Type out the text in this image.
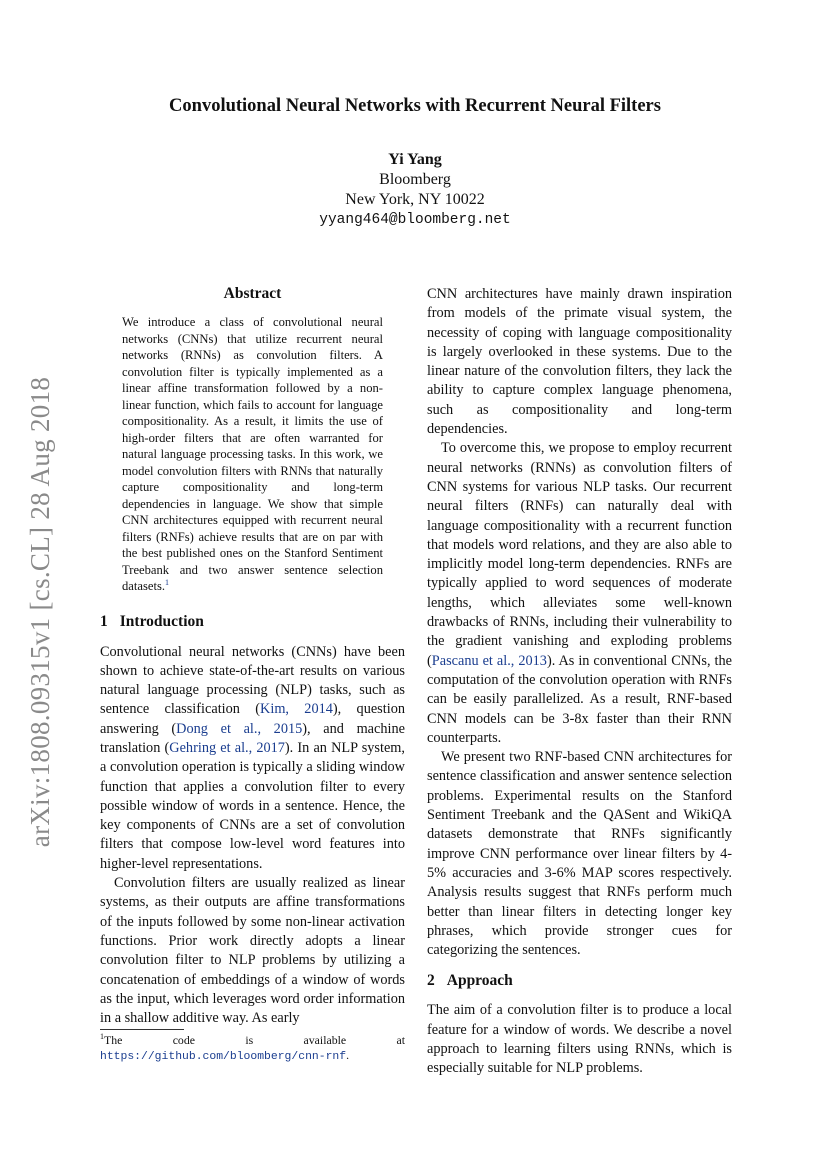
arXiv:1808.09315v1 [cs.CL] 28 Aug 2018
Convolutional Neural Networks with Recurrent Neural Filters
Yi Yang
Bloomberg
New York, NY 10022
yyang464@bloomberg.net
Abstract

We introduce a class of convolutional neural networks (CNNs) that utilize recurrent neural networks (RNNs) as convolution filters. A convolution filter is typically implemented as a linear affine transformation followed by a non-linear function, which fails to account for language compositionality. As a result, it limits the use of high-order filters that are often warranted for natural language processing tasks. In this work, we model convolution filters with RNNs that naturally capture compositionality and long-term dependencies in language. We show that simple CNN architectures equipped with recurrent neural filters (RNFs) achieve results that are on par with the best published ones on the Stanford Sentiment Treebank and two answer sentence selection datasets.$^1$

1 Introduction

Convolutional neural networks (CNNs) have been shown to achieve state-of-the-art results on various natural language processing (NLP) tasks, such as sentence classification (Kim, 2014), question answering (Dong et al., 2015), and machine translation (Gehring et al., 2017). In an NLP system, a convolution operation is typically a sliding window function that applies a convolution filter to every possible window of words in a sentence. Hence, the key components of CNNs are a set of convolution filters that compose low-level word features into higher-level representations.

Convolution filters are usually realized as linear systems, as their outputs are affine transformations of the inputs followed by some non-linear activation functions. Prior work directly adopts a linear convolution filter to NLP problems by utilizing a concatenation of embeddings of a window of words as the input, which leverages word order information in a shallow additive way. As early

CNN architectures have mainly drawn inspiration from models of the primate visual system, the necessity of coping with language compositionality is largely overlooked in these systems. Due to the linear nature of the convolution filters, they lack the ability to capture complex language phenomena, such as compositionality and long-term dependencies.

To overcome this, we propose to employ recurrent neural networks (RNNs) as convolution filters of CNN systems for various NLP tasks. Our recurrent neural filters (RNFs) can naturally deal with language compositionality with a recurrent function that models word relations, and they are also able to implicitly model long-term dependencies. RNFs are typically applied to word sequences of moderate lengths, which alleviates some well-known drawbacks of RNNs, including their vulnerability to the gradient vanishing and exploding problems (Pascanu et al., 2013). As in conventional CNNs, the computation of the convolution operation with RNFs can be easily parallelized. As a result, RNF-based CNN models can be 3-8x faster than their RNN counterparts.

We present two RNF-based CNN architectures for sentence classification and answer sentence selection problems. Experimental results on the Stanford Sentiment Treebank and the QASent and WikiQA datasets demonstrate that RNFs significantly improve CNN performance over linear filters by 4-5% accuracies and 3-6% MAP scores respectively. Analysis results suggest that RNFs perform much better than linear filters in detecting longer key phrases, which provide stronger cues for categorizing the sentences.

2 Approach

The aim of a convolution filter is to produce a local feature for a window of words. We describe a novel approach to learning filters using RNNs, which is especially suitable for NLP problems.

$^1$The code is available at https://github.com/bloomberg/cnn-rnf.
